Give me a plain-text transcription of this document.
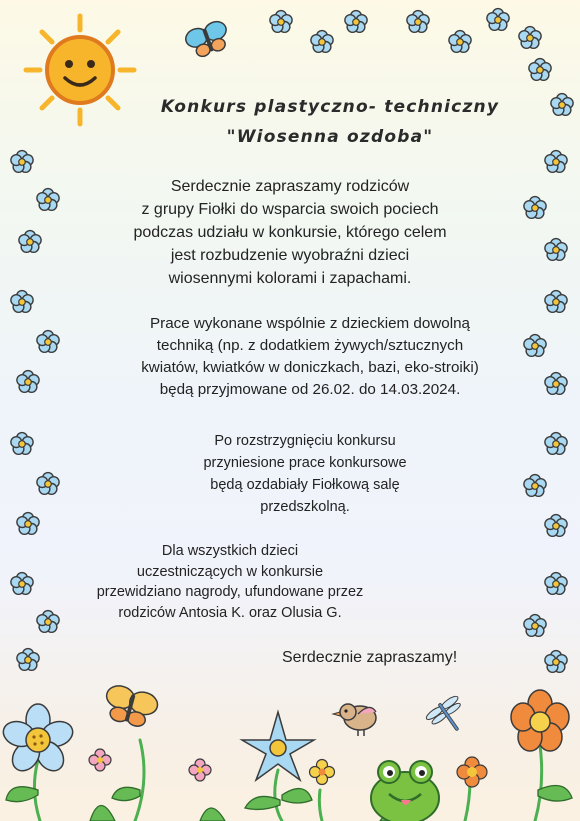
Konkurs plastyczno- techniczny
"Wiosenna ozdoba"
Serdecznie zapraszamy rodziców
z grupy Fiołki do wsparcia swoich pociech
podczas udziału w konkursie, którego celem
jest rozbudzenie wyobraźni dzieci
wiosennymi kolorami i zapachami.
Prace wykonane wspólnie z dzieckiem dowolną
techniką (np. z dodatkiem żywych/sztucznych
kwiatów, kwiatków w doniczkach, bazi, eko-stroiki)
będą przyjmowane od 26.02. do 14.03.2024.
Po rozstrzygnięciu konkursu
przyniesione prace konkursowe
będą ozdabiały Fiołkową salę
przedszkolną.
Dla wszystkich dzieci
uczestniczących w konkursie
przewidziano nagrody, ufundowane przez
rodziców Antosia K. oraz Olusia G.
Serdecznie zapraszamy!
